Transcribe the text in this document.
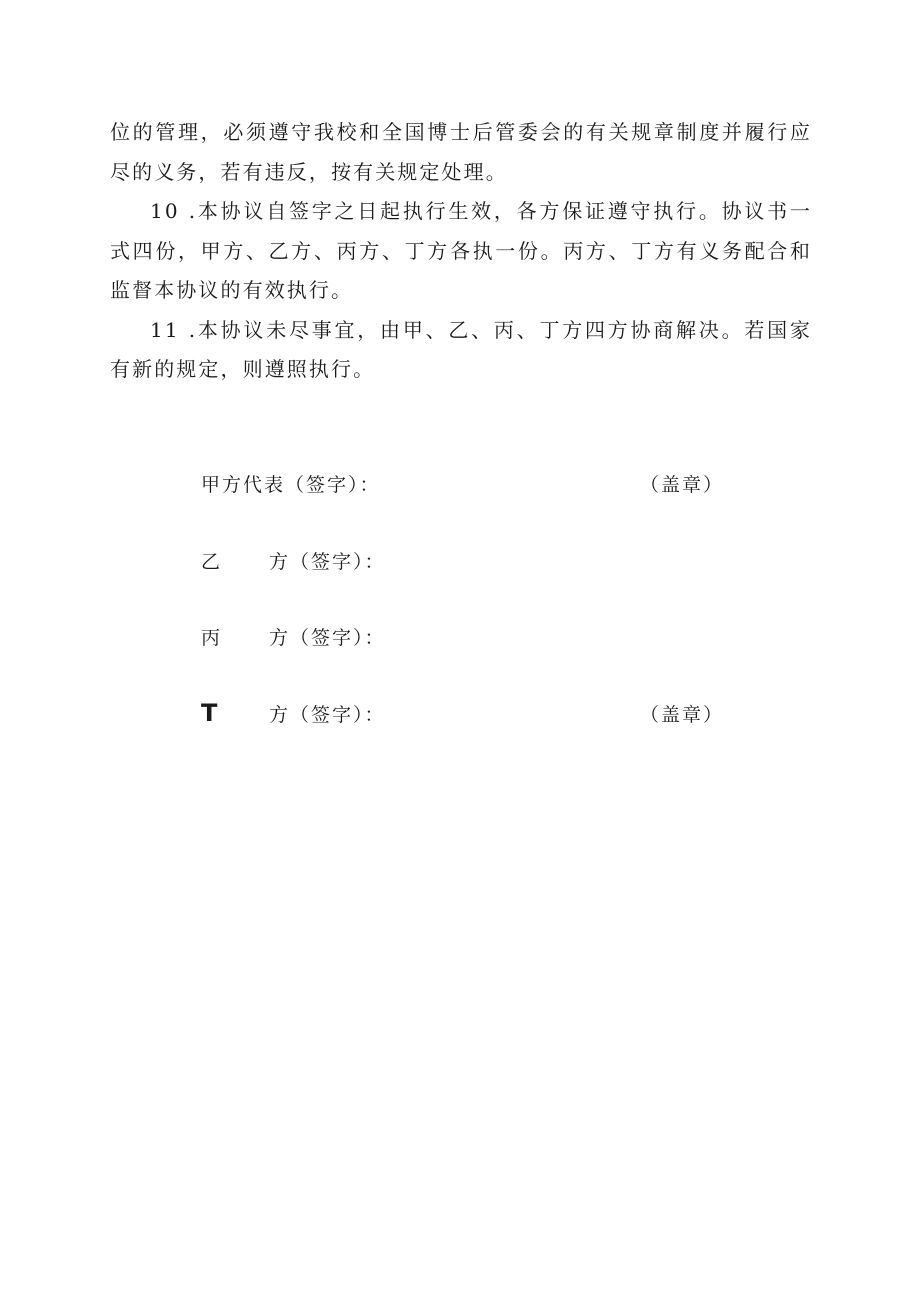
位的管理，必须遵守我校和全国博士后管委会的有关规章制度并履行应尽的义务，若有违反，按有关规定处理。

10 .本协议自签字之日起执行生效，各方保证遵守执行。协议书一式四份，甲方、乙方、丙方、丁方各执一份。丙方、丁方有义务配合和监督本协议的有效执行。

11 .本协议未尽事宜，由甲、乙、丙、丁方四方协商解决。若国家有新的规定，则遵照执行。

甲方代表（签字）：	（盖章）
乙 方（签字）：
丙 方（签字）：
T	方（签字）：	（盖章）
